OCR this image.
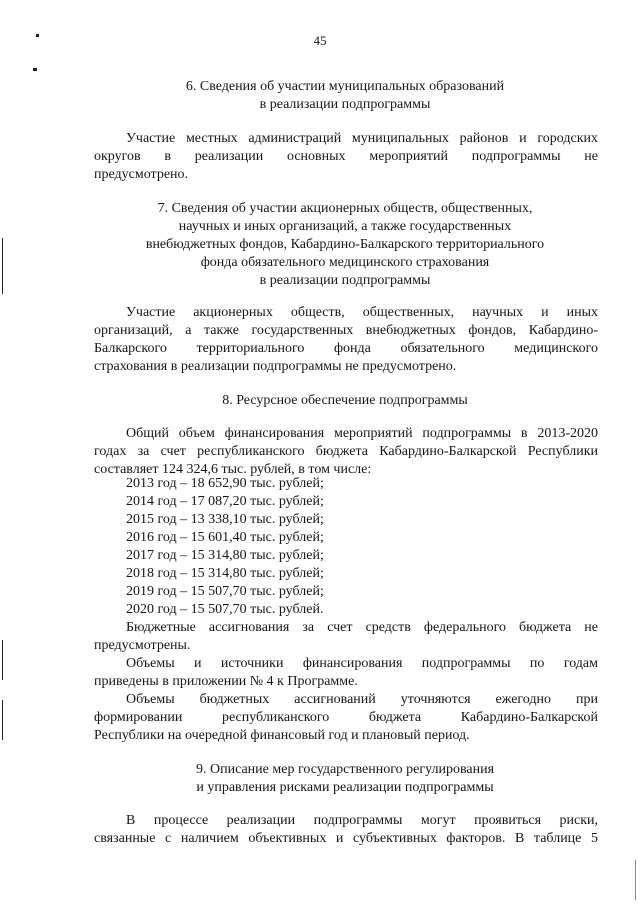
45
6. Сведения об участии муниципальных образований
в реализации подпрограммы

Участие местных администраций муниципальных районов и городских
округов в реализации основных мероприятий подпрограммы не
предусмотрено.

7. Сведения об участии акционерных обществ, общественных,
научных и иных организаций, а также государственных
внебюджетных фондов, Кабардино-Балкарского территориального
фонда обязательного медицинского страхования
в реализации подпрограммы

Участие акционерных обществ, общественных, научных и иных
организаций, а также государственных внебюджетных фондов, Кабардино-
Балкарского территориального фонда обязательного медицинского
страхования в реализации подпрограммы не предусмотрено.

8. Ресурсное обеспечение подпрограммы

Общий объем финансирования мероприятий подпрограммы в 2013-2020
годах за счет республиканского бюджета Кабардино-Балкарской Республики
составляет 124 324,6 тыс. рублей, в том числе:

2013 год – 18 652,90 тыс. рублей;
2014 год – 17 087,20 тыс. рублей;
2015 год – 13 338,10 тыс. рублей;
2016 год – 15 601,40 тыс. рублей;
2017 год – 15 314,80 тыс. рублей;
2018 год – 15 314,80 тыс. рублей;
2019 год – 15 507,70 тыс. рублей;
2020 год – 15 507,70 тыс. рублей.

Бюджетные ассигнования за счет средств федерального бюджета не
предусмотрены.

Объемы и источники финансирования подпрограммы по годам
приведены в приложении № 4 к Программе.

Объемы бюджетных ассигнований уточняются ежегодно при
формировании республиканского бюджета Кабардино-Балкарской
Республики на очередной финансовый год и плановый период.

9. Описание мер государственного регулирования
и управления рисками реализации подпрограммы

В процессе реализации подпрограммы могут проявиться риски,
связанные с наличием объективных и субъективных факторов. В таблице 5
